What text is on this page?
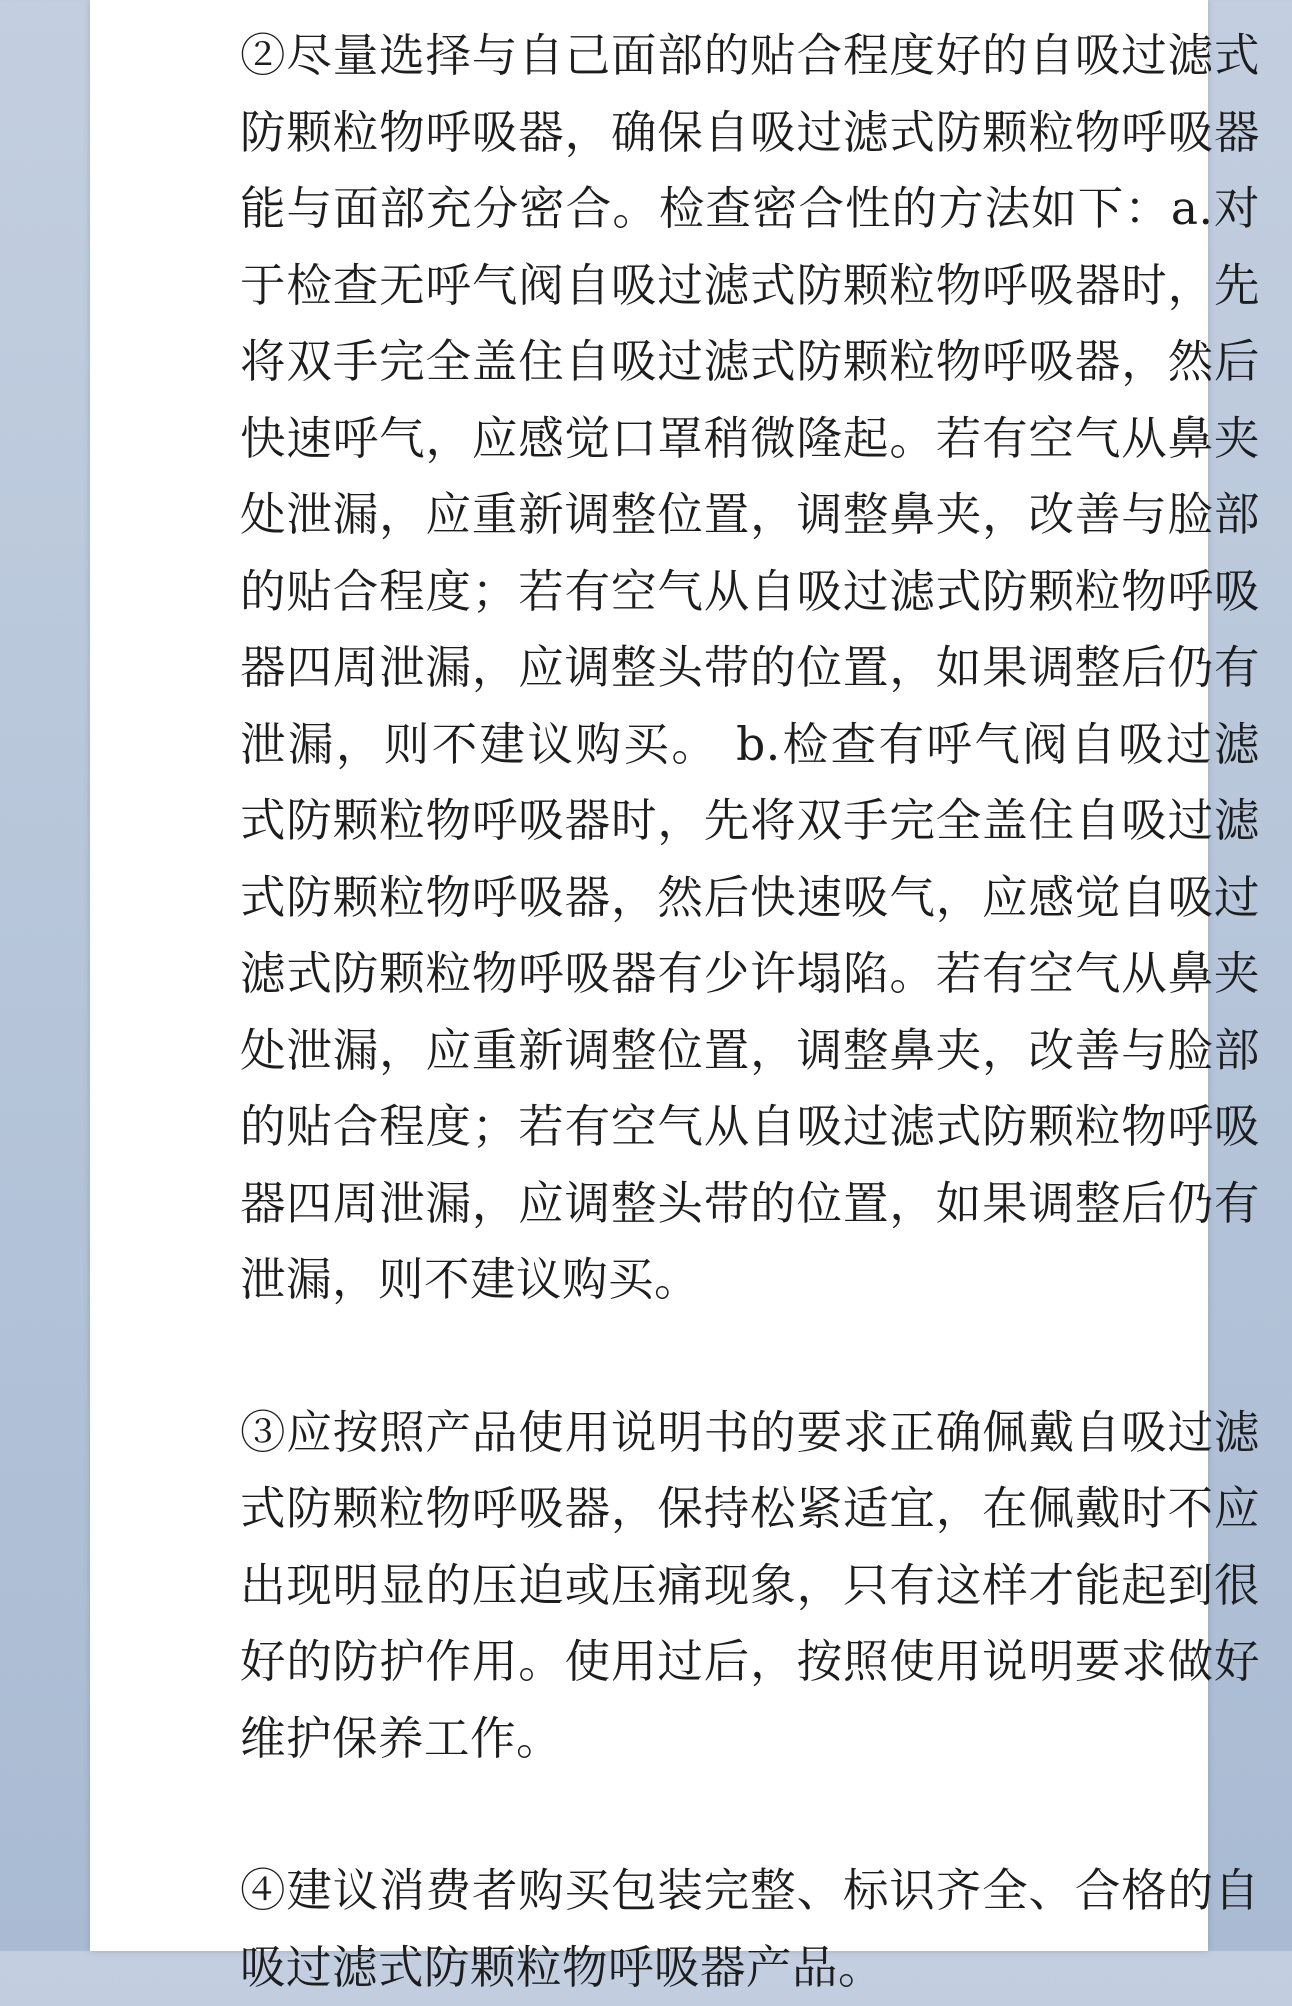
②尽量选择与自己面部的贴合程度好的自吸过滤式防颗粒物呼吸器，确保自吸过滤式防颗粒物呼吸器能与面部充分密合。检查密合性的方法如下：a.对于检查无呼气阀自吸过滤式防颗粒物呼吸器时，先将双手完全盖住自吸过滤式防颗粒物呼吸器，然后快速呼气，应感觉口罩稍微隆起。若有空气从鼻夹处泄漏，应重新调整位置，调整鼻夹，改善与脸部的贴合程度；若有空气从自吸过滤式防颗粒物呼吸器四周泄漏，应调整头带的位置，如果调整后仍有泄漏，则不建议购买。 b.检查有呼气阀自吸过滤式防颗粒物呼吸器时，先将双手完全盖住自吸过滤式防颗粒物呼吸器，然后快速吸气，应感觉自吸过滤式防颗粒物呼吸器有少许塌陷。若有空气从鼻夹处泄漏，应重新调整位置，调整鼻夹，改善与脸部的贴合程度；若有空气从自吸过滤式防颗粒物呼吸器四周泄漏，应调整头带的位置，如果调整后仍有泄漏，则不建议购买。

③应按照产品使用说明书的要求正确佩戴自吸过滤式防颗粒物呼吸器，保持松紧适宜，在佩戴时不应出现明显的压迫或压痛现象，只有这样才能起到很好的防护作用。使用过后，按照使用说明要求做好维护保养工作。

④建议消费者购买包装完整、标识齐全、合格的自吸过滤式防颗粒物呼吸器产品。
